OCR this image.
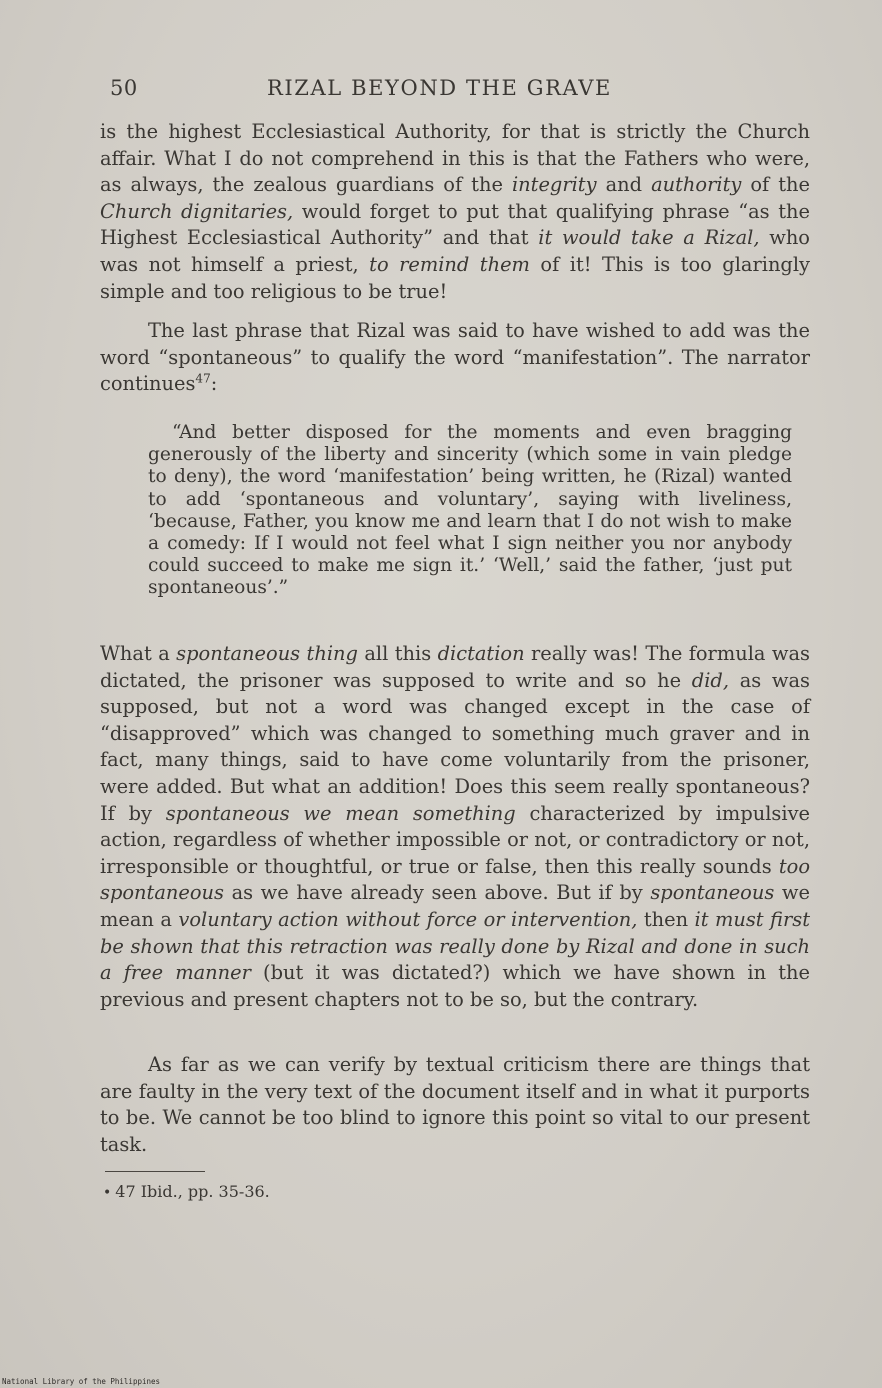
50	RIZAL BEYOND THE GRAVE

is the highest Ecclesiastical Authority, for that is strictly the Church affair. What I do not comprehend in this is that the Fathers who were, as always, the zealous guardians of the integrity and authority of the Church dignitaries, would forget to put that qualifying phrase “as the Highest Ecclesiastical Authority” and that it would take a Rizal, who was not himself a priest, to remind them of it! This is too glaringly simple and too religious to be true!

The last phrase that Rizal was said to have wished to add was the word “spontaneous” to qualify the word “manifestation”. The narrator continues$^{47}$:

“And better disposed for the moments and even bragging generously of the liberty and sincerity (which some in vain pledge to deny), the word ‘manifestation’ being written, he (Rizal) wanted to add ‘spontaneous and voluntary’, saying with liveliness, ‘because, Father, you know me and learn that I do not wish to make a comedy: If I would not feel what I sign neither you nor anybody could succeed to make me sign it.’ ‘Well,’ said the father, ‘just put spontaneous’.”

What a spontaneous thing all this dictation really was! The formula was dictated, the prisoner was supposed to write and so he did, as was supposed, but not a word was changed except in the case of “disapproved” which was changed to something much graver and in fact, many things, said to have come voluntarily from the prisoner, were added. But what an addition! Does this seem really spontaneous? If by spontaneous we mean something characterized by impulsive action, regardless of whether impossible or not, or contradictory or not, irresponsible or thoughtful, or true or false, then this really sounds too spontaneous as we have already seen above. But if by spontaneous we mean a voluntary action without force or intervention, then it must first be shown that this retraction was really done by Rizal and done in such a free manner (but it was dictated?) which we have shown in the previous and present chapters not to be so, but the contrary.

As far as we can verify by textual criticism there are things that are faulty in the very text of the document itself and in what it purports to be. We cannot be too blind to ignore this point so vital to our present task.

• 47 Ibid., pp. 35-36.
National Library of the Philippines
